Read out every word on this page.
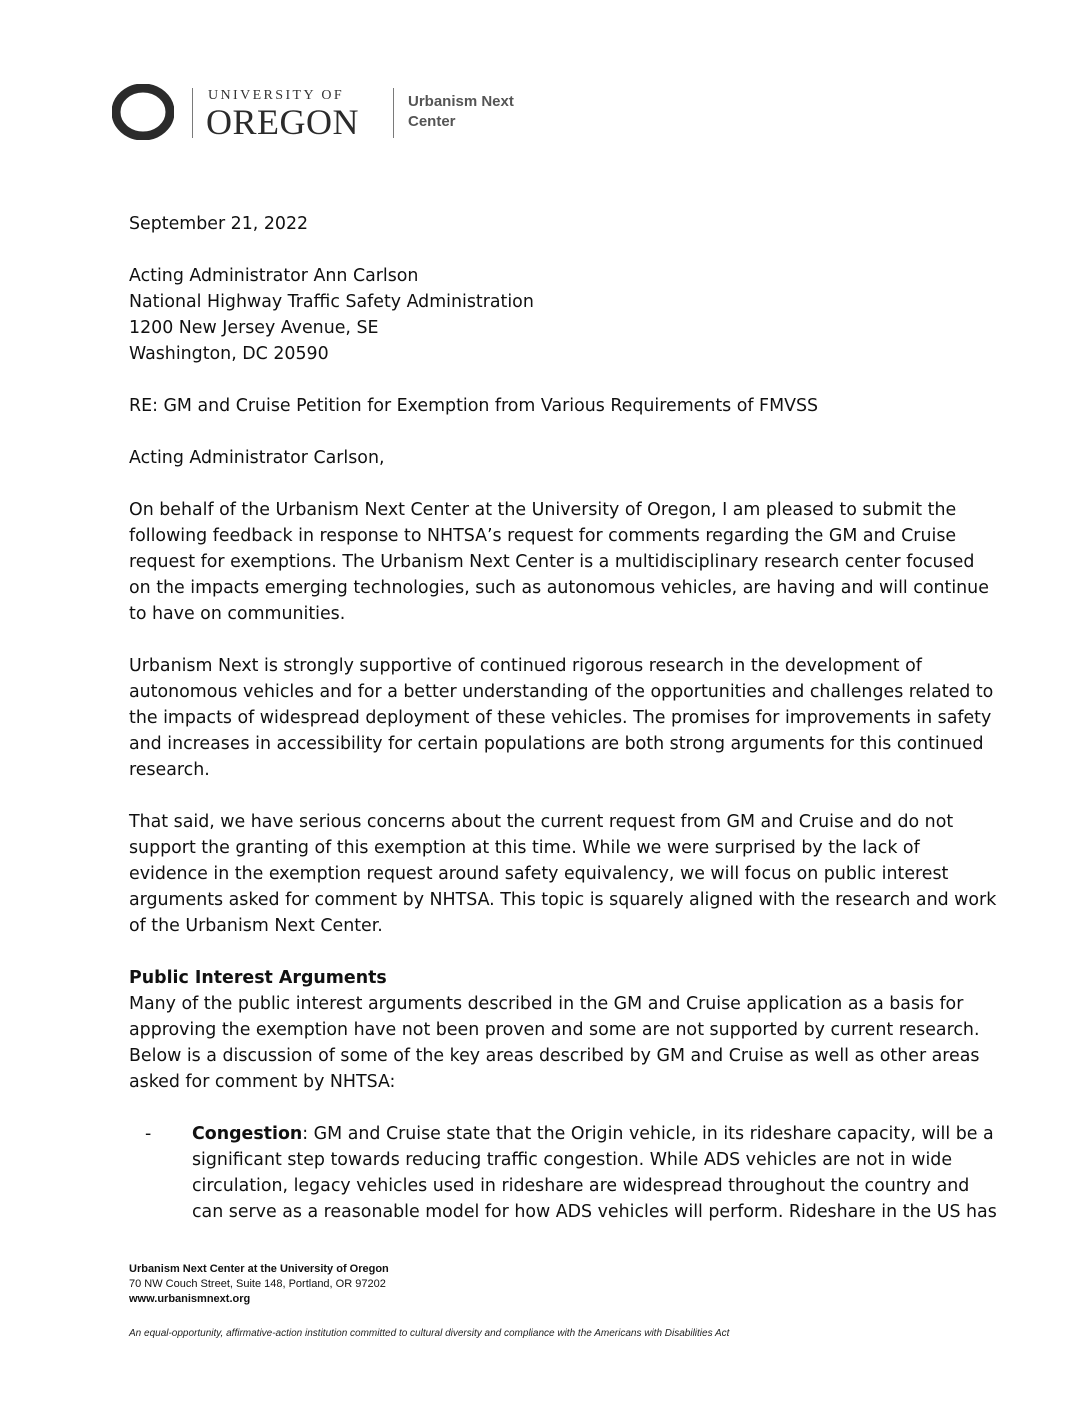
UNIVERSITY OF
OREGON
Urbanism Next
Center
September 21, 2022
Acting Administrator Ann Carlson
National Highway Traffic Safety Administration
1200 New Jersey Avenue, SE
Washington, DC 20590
RE: GM and Cruise Petition for Exemption from Various Requirements of FMVSS
Acting Administrator Carlson,
On behalf of the Urbanism Next Center at the University of Oregon, I am pleased to submit the
following feedback in response to NHTSA’s request for comments regarding the GM and Cruise
request for exemptions. The Urbanism Next Center is a multidisciplinary research center focused
on the impacts emerging technologies, such as autonomous vehicles, are having and will continue
to have on communities.
Urbanism Next is strongly supportive of continued rigorous research in the development of
autonomous vehicles and for a better understanding of the opportunities and challenges related to
the impacts of widespread deployment of these vehicles. The promises for improvements in safety
and increases in accessibility for certain populations are both strong arguments for this continued
research.
That said, we have serious concerns about the current request from GM and Cruise and do not
support the granting of this exemption at this time. While we were surprised by the lack of
evidence in the exemption request around safety equivalency, we will focus on public interest
arguments asked for comment by NHTSA. This topic is squarely aligned with the research and work
of the Urbanism Next Center.
Public Interest Arguments
Many of the public interest arguments described in the GM and Cruise application as a basis for
approving the exemption have not been proven and some are not supported by current research.
Below is a discussion of some of the key areas described by GM and Cruise as well as other areas
asked for comment by NHTSA:
- Congestion: GM and Cruise state that the Origin vehicle, in its rideshare capacity, will be a
significant step towards reducing traffic congestion. While ADS vehicles are not in wide
circulation, legacy vehicles used in rideshare are widespread throughout the country and
can serve as a reasonable model for how ADS vehicles will perform. Rideshare in the US has
Urbanism Next Center at the University of Oregon
70 NW Couch Street, Suite 148, Portland, OR 97202
www.urbanismnext.org
An equal-opportunity, affirmative-action institution committed to cultural diversity and compliance with the Americans with Disabilities Act
